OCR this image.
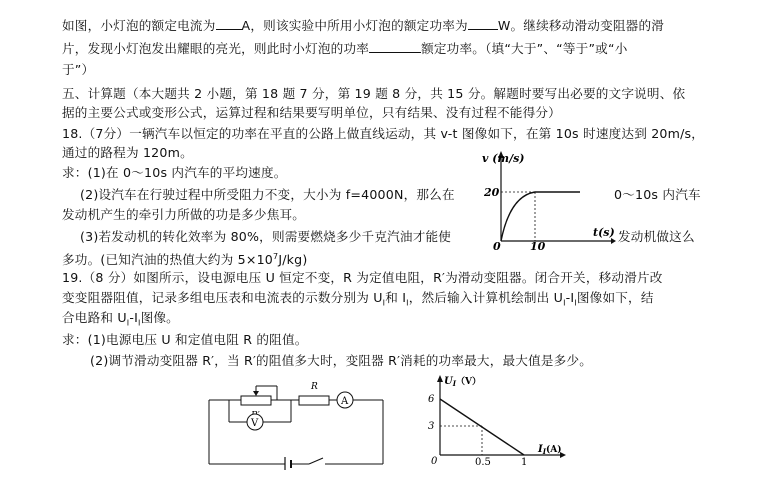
如图，小灯泡的额定电流为 A，则该实验中所用小灯泡的额定功率为 W。继续移动滑动变阻器的滑
片，发现小灯泡发出耀眼的亮光，则此时小灯泡的功率	额定功率。（填“大于”、“等于”或“小
于”）
五、计算题（本大题共 2 小题，第 18 题 7 分，第 19 题 8 分，共 15 分。解题时要写出必要的文字说明、依
据的主要公式或变形公式，运算过程和结果要写明单位，只有结果、没有过程不能得分）
18.（7分）一辆汽车以恒定的功率在平直的公路上做直线运动，其 v-t 图像如下，在第 10s 时速度达到 20m/s，
通过的路程为 120m。
求：(1)在 0～10s 内汽车的平均速度。
(2)设汽车在行驶过程中所受阻力不变，大小为 f=4000N，那么在	0～10s 内汽车
发动机产生的牵引力所做的功是多少焦耳。
(3)若发动机的转化效率为 80%，则需要燃烧多少千克汽油才能使	发动机做这么
多功。(已知汽油的热值大约为 $5\times 10^7J/kg$)
v (m/s)
t(s)
20
0	10
19.（8 分）如图所示，设电源电压 U 恒定不变，R 为定值电阻，R′为滑动变阻器。闭合开关，移动滑片改
变变阻器阻值，记录多组电压表和电流表的示数分别为 $U_I$和 $I_I$，然后输入计算机绘制出 $U_I-I_I$图像如下，结
合电路和 $U_I-I_I$图像。
求：(1)电源电压 U 和定值电阻 R 的阻值。
(2)调节滑动变阻器 R′，当 R′的阻值多大时，变阻器 R′消耗的功率最大，最大值是多少。
R
A
V
$U_I(V)$
$I_I(A)$
6
3
0	0.5	1
